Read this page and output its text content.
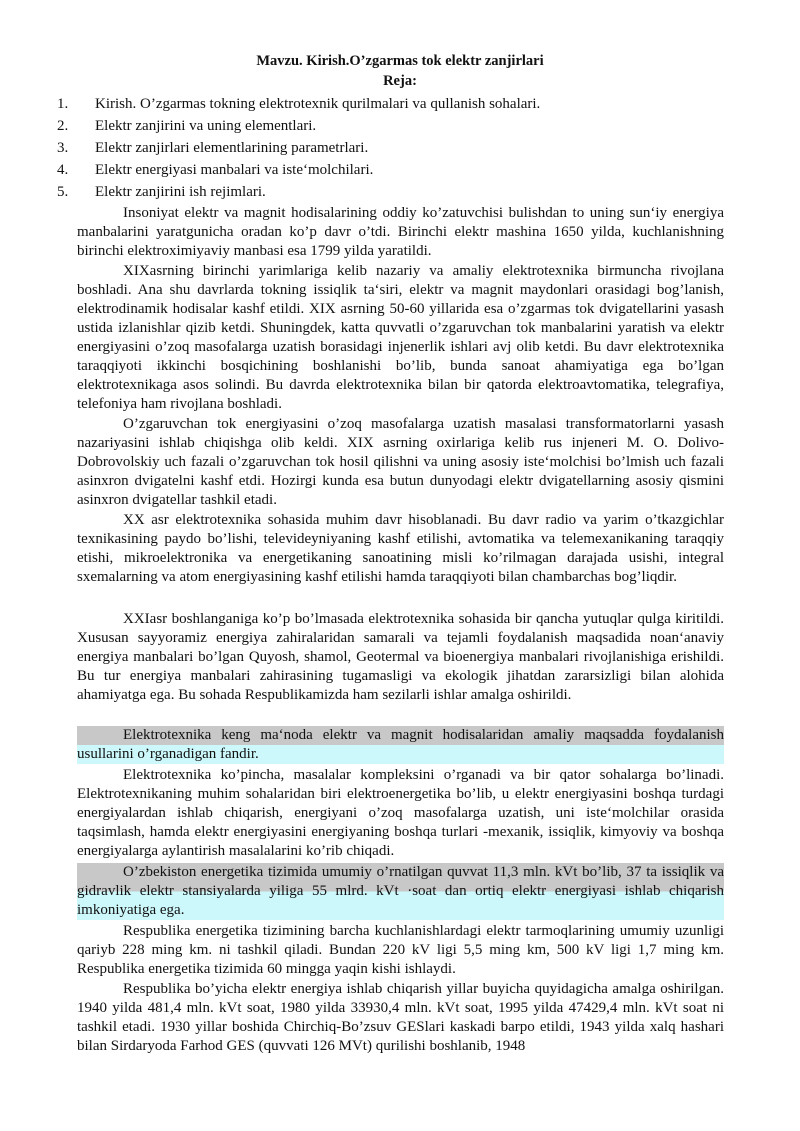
Mavzu. Kirish.O’zgarmas tok elektr zanjirlari
Reja:
1. Kirish. O’zgarmas tokning elektrotexnik qurilmalari va qullanish sohalari.
2. Elektr zanjirini va uning elementlari.
3. Elektr zanjirlari elementlarining parametrlari.
4. Elektr energiyasi manbalari va iste‘molchilari.
5. Elektr zanjirini ish rejimlari.

Insoniyat elektr va magnit hodisalarining oddiy ko’zatuvchisi bulishdan to uning sun‘iy energiya manbalarini yaratgunicha oradan ko’p davr o’tdi. Birinchi elektr mashina 1650 yilda, kuchlanishning birinchi elektroximiyaviy manbasi esa 1799 yilda yaratildi.

XIXasrning birinchi yarimlariga kelib nazariy va amaliy elektrotexnika birmuncha rivojlana boshladi. Ana shu davrlarda tokning issiqlik ta‘siri, elektr va magnit maydonlari orasidagi bog’lanish, elektrodinamik hodisalar kashf etildi. XIX asrning 50-60 yillarida esa o’zgarmas tok dvigatellarini yasash ustida izlanishlar qizib ketdi. Shuningdek, katta quvvatli o’zgaruvchan tok manbalarini yaratish va elektr energiyasini o’zoq masofalarga uzatish borasidagi injenerlik ishlari avj olib ketdi. Bu davr elektrotexnika taraqqiyoti ikkinchi bosqichining boshlanishi bo’lib, bunda sanoat ahamiyatiga ega bo’lgan elektrotexnikaga asos solindi. Bu davrda elektrotexnika bilan bir qatorda elektroavtomatika, telegrafiya, telefoniya ham rivojlana boshladi.

O’zgaruvchan tok energiyasini o’zoq masofalarga uzatish masalasi transformatorlarni yasash nazariyasini ishlab chiqishga olib keldi. XIX asrning oxirlariga kelib rus injeneri M. O. Dolivo-Dobrovolskiy uch fazali o’zgaruvchan tok hosil qilishni va uning asosiy iste‘molchisi bo’lmish uch fazali asinxron dvigatelni kashf etdi. Hozirgi kunda esa butun dunyodagi elektr dvigatellarning asosiy qismini asinxron dvigatellar tashkil etadi.

XX asr elektrotexnika sohasida muhim davr hisoblanadi. Bu davr radio va yarim o’tkazgichlar texnikasining paydo bo’lishi, televideyniyaning kashf etilishi, avtomatika va telemexanikaning taraqqiy etishi, mikroelektronika va energetikaning sanoatining misli ko’rilmagan darajada usishi, integral sxemalarning va atom energiyasining kashf etilishi hamda taraqqiyoti bilan chambarchas bog’liqdir.

XXIasr boshlanganiga ko’p bo’lmasada elektrotexnika sohasida bir qancha yutuqlar qulga kiritildi. Xususan sayyoramiz energiya zahiralaridan samarali va tejamli foydalanish maqsadida noan‘anaviy energiya manbalari bo’lgan Quyosh, shamol, Geotermal va bioenergiya manbalari rivojlanishiga erishildi. Bu tur energiya manbalari zahirasining tugamasligi va ekologik jihatdan zararsizligi bilan alohida ahamiyatga ega. Bu sohada Respublikamizda ham sezilarli ishlar amalga oshirildi.

Elektrotexnika keng ma‘noda elektr va magnit hodisalaridan amaliy maqsadda foydalanish usullarini o’rganadigan fandir.

Elektrotexnika ko’pincha, masalalar kompleksini o’rganadi va bir qator sohalarga bo’linadi. Elektrotexnikaning muhim sohalaridan biri elektroenergetika bo’lib, u elektr energiyasini boshqa turdagi energiyalardan ishlab chiqarish, energiyani o’zoq masofalarga uzatish, uni iste‘molchilar orasida taqsimlash, hamda elektr energiyasini energiyaning boshqa turlari -mexanik, issiqlik, kimyoviy va boshqa energiyalarga aylantirish masalalarini ko’rib chiqadi.

O’zbekiston energetika tizimida umumiy o’rnatilgan quvvat 11,3 mln. kVt bo’lib, 37 ta issiqlik va gidravlik elektr stansiyalarda yiliga 55 mlrd. kVt ·soat dan ortiq elektr energiyasi ishlab chiqarish imkoniyatiga ega.

Respublika energetika tizimining barcha kuchlanishlardagi elektr tarmoqlarining umumiy uzunligi qariyb 228 ming km. ni tashkil qiladi. Bundan 220 kV ligi 5,5 ming km, 500 kV ligi 1,7 ming km. Respublika energetika tizimida 60 mingga yaqin kishi ishlaydi.

Respublika bo’yicha elektr energiya ishlab chiqarish yillar buyicha quyidagicha amalga oshirilgan. 1940 yilda 481,4 mln. kVt soat, 1980 yilda 33930,4 mln. kVt soat, 1995 yilda 47429,4 mln. kVt soat ni tashkil etadi. 1930 yillar boshida Chirchiq-Bo’zsuv GESlari kaskadi barpo etildi, 1943 yilda xalq hashari bilan Sirdaryoda Farhod GES (quvvati 126 MVt) qurilishi boshlanib, 1948
